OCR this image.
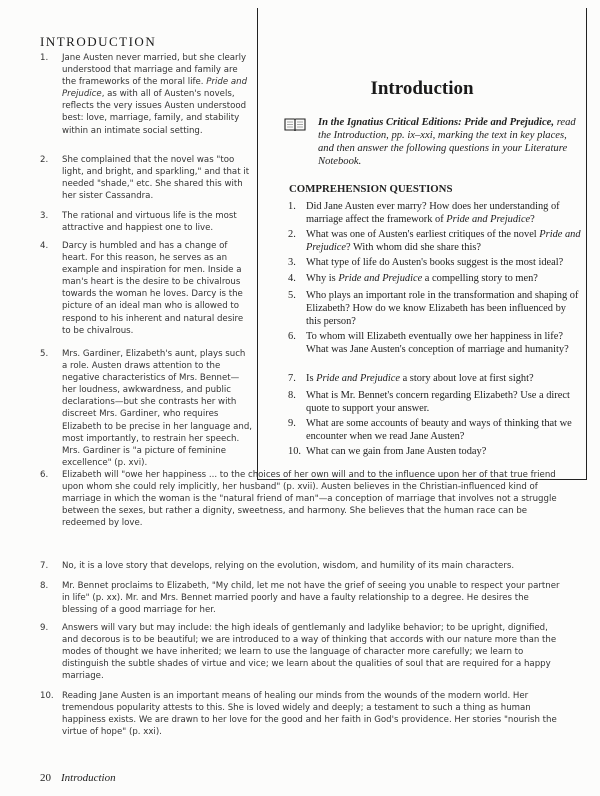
INTRODUCTION

1. Jane Austen never married, but she clearly understood that marriage and family are the frameworks of the moral life. Pride and Prejudice, as with all of Austen's novels, reflects the very issues Austen understood best: love, marriage, family, and stability within an intimate social setting.

2. She complained that the novel was "too light, and bright, and sparkling," and that it needed "shade," etc. She shared this with her sister Cassandra.

3. The rational and virtuous life is the most attractive and happiest one to live.

4. Darcy is humbled and has a change of heart. For this reason, he serves as an example and inspiration for men. Inside a man's heart is the desire to be chivalrous towards the woman he loves. Darcy is the picture of an ideal man who is allowed to respond to his inherent and natural desire to be chivalrous.

5. Mrs. Gardiner, Elizabeth's aunt, plays such a role. Austen draws attention to the negative characteristics of Mrs. Bennet—her loudness, awkwardness, and public declarations—but she contrasts her with discreet Mrs. Gardiner, who requires Elizabeth to be precise in her language and, most importantly, to restrain her speech. Mrs. Gardiner is "a picture of feminine excellence" (p. xvi).

6. Elizabeth will "owe her happiness ... to the choices of her own will and to the influence upon her of that true friend upon whom she could rely implicitly, her husband" (p. xvii). Austen believes in the Christian-influenced kind of marriage in which the woman is the "natural friend of man"—a conception of marriage that involves not a struggle between the sexes, but rather a dignity, sweetness, and harmony. She believes that the human race can be redeemed by love.

7. No, it is a love story that develops, relying on the evolution, wisdom, and humility of its main characters.

8. Mr. Bennet proclaims to Elizabeth, "My child, let me not have the grief of seeing you unable to respect your partner in life" (p. xx). Mr. and Mrs. Bennet married poorly and have a faulty relationship to a degree. He desires the blessing of a good marriage for her.

9. Answers will vary but may include: the high ideals of gentlemanly and ladylike behavior; to be upright, dignified, and decorous is to be beautiful; we are introduced to a way of thinking that accords with our nature more than the modes of thought we have inherited; we learn to use the language of character more carefully; we learn to distinguish the subtle shades of virtue and vice; we learn about the qualities of soul that are required for a happy marriage.

10. Reading Jane Austen is an important means of healing our minds from the wounds of the modern world. Her tremendous popularity attests to this. She is loved widely and deeply; a testament to such a thing as human happiness exists. We are drawn to her love for the good and her faith in God's providence. Her stories "nourish the virtue of hope" (p. xxi).

Introduction

In the Ignatius Critical Editions: Pride and Prejudice, read the Introduction, pp. ix–xxi, marking the text in key places, and then answer the following questions in your Literature Notebook.

COMPREHENSION QUESTIONS

1. Did Jane Austen ever marry? How does her understanding of marriage affect the framework of Pride and Prejudice?

2. What was one of Austen's earliest critiques of the novel Pride and Prejudice? With whom did she share this?

3. What type of life do Austen's books suggest is the most ideal?

4. Why is Pride and Prejudice a compelling story to men?

5. Who plays an important role in the transformation and shaping of Elizabeth? How do we know Elizabeth has been influenced by this person?

6. To whom will Elizabeth eventually owe her happiness in life? What was Jane Austen's conception of marriage and humanity?

7. Is Pride and Prejudice a story about love at first sight?

8. What is Mr. Bennet's concern regarding Elizabeth? Use a direct quote to support your answer.

9. What are some accounts of beauty and ways of thinking that we encounter when we read Jane Austen?

10. What can we gain from Jane Austen today?

20 Introduction
